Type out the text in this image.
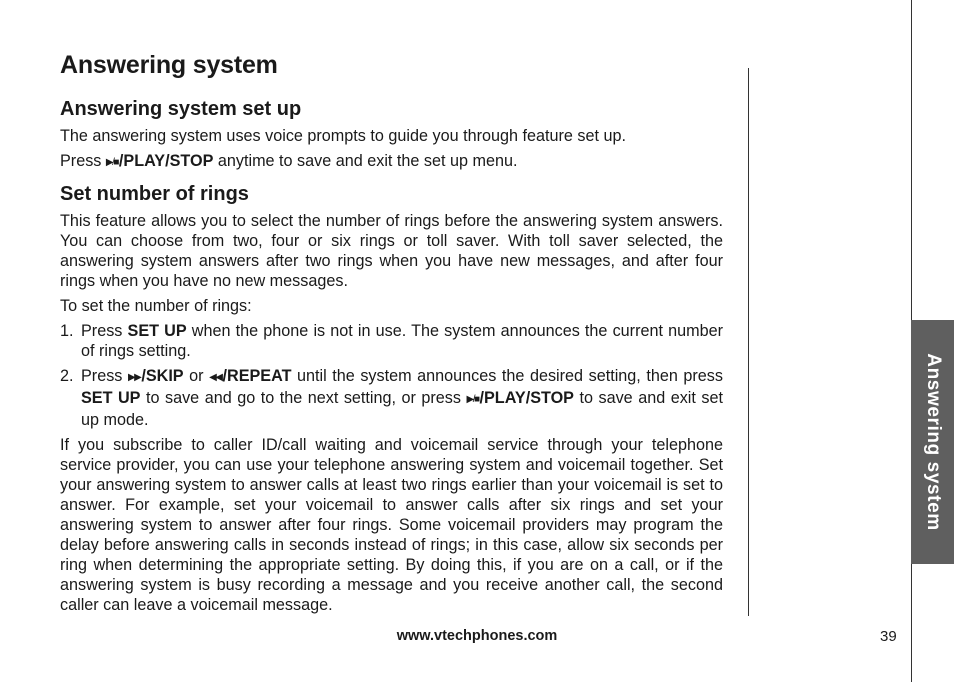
Answering system
Answering system set up

The answering system uses voice prompts to guide you through feature set up.

Press ▶/■/PLAY/STOP anytime to save and exit the set up menu.

Set number of rings

This feature allows you to select the number of rings before the answering system answers. You can choose from two, four or six rings or toll saver. With toll saver selected, the answering system answers after two rings when you have new messages, and after four rings when you have no new messages.

To set the number of rings:

1. Press SET UP when the phone is not in use. The system announces the current number of rings setting.
2. Press ▶▶/SKIP or ◀◀/REPEAT until the system announces the desired setting, then press SET UP to save and go to the next setting, or press ▶/■/PLAY/STOP to save and exit set up mode.

If you subscribe to caller ID/call waiting and voicemail service through your telephone service provider, you can use your telephone answering system and voicemail together. Set your answering system to answer calls at least two rings earlier than your voicemail is set to answer. For example, set your voicemail to answer calls after six rings and set your answering system to answer after four rings. Some voicemail providers may program the delay before answering calls in seconds instead of rings; in this case, allow six seconds per ring when determining the appropriate setting. By doing this, if you are on a call, or if the answering system is busy recording a message and you receive another call, the second caller can leave a voicemail message.

Answering system
www.vtechphones.com	39
